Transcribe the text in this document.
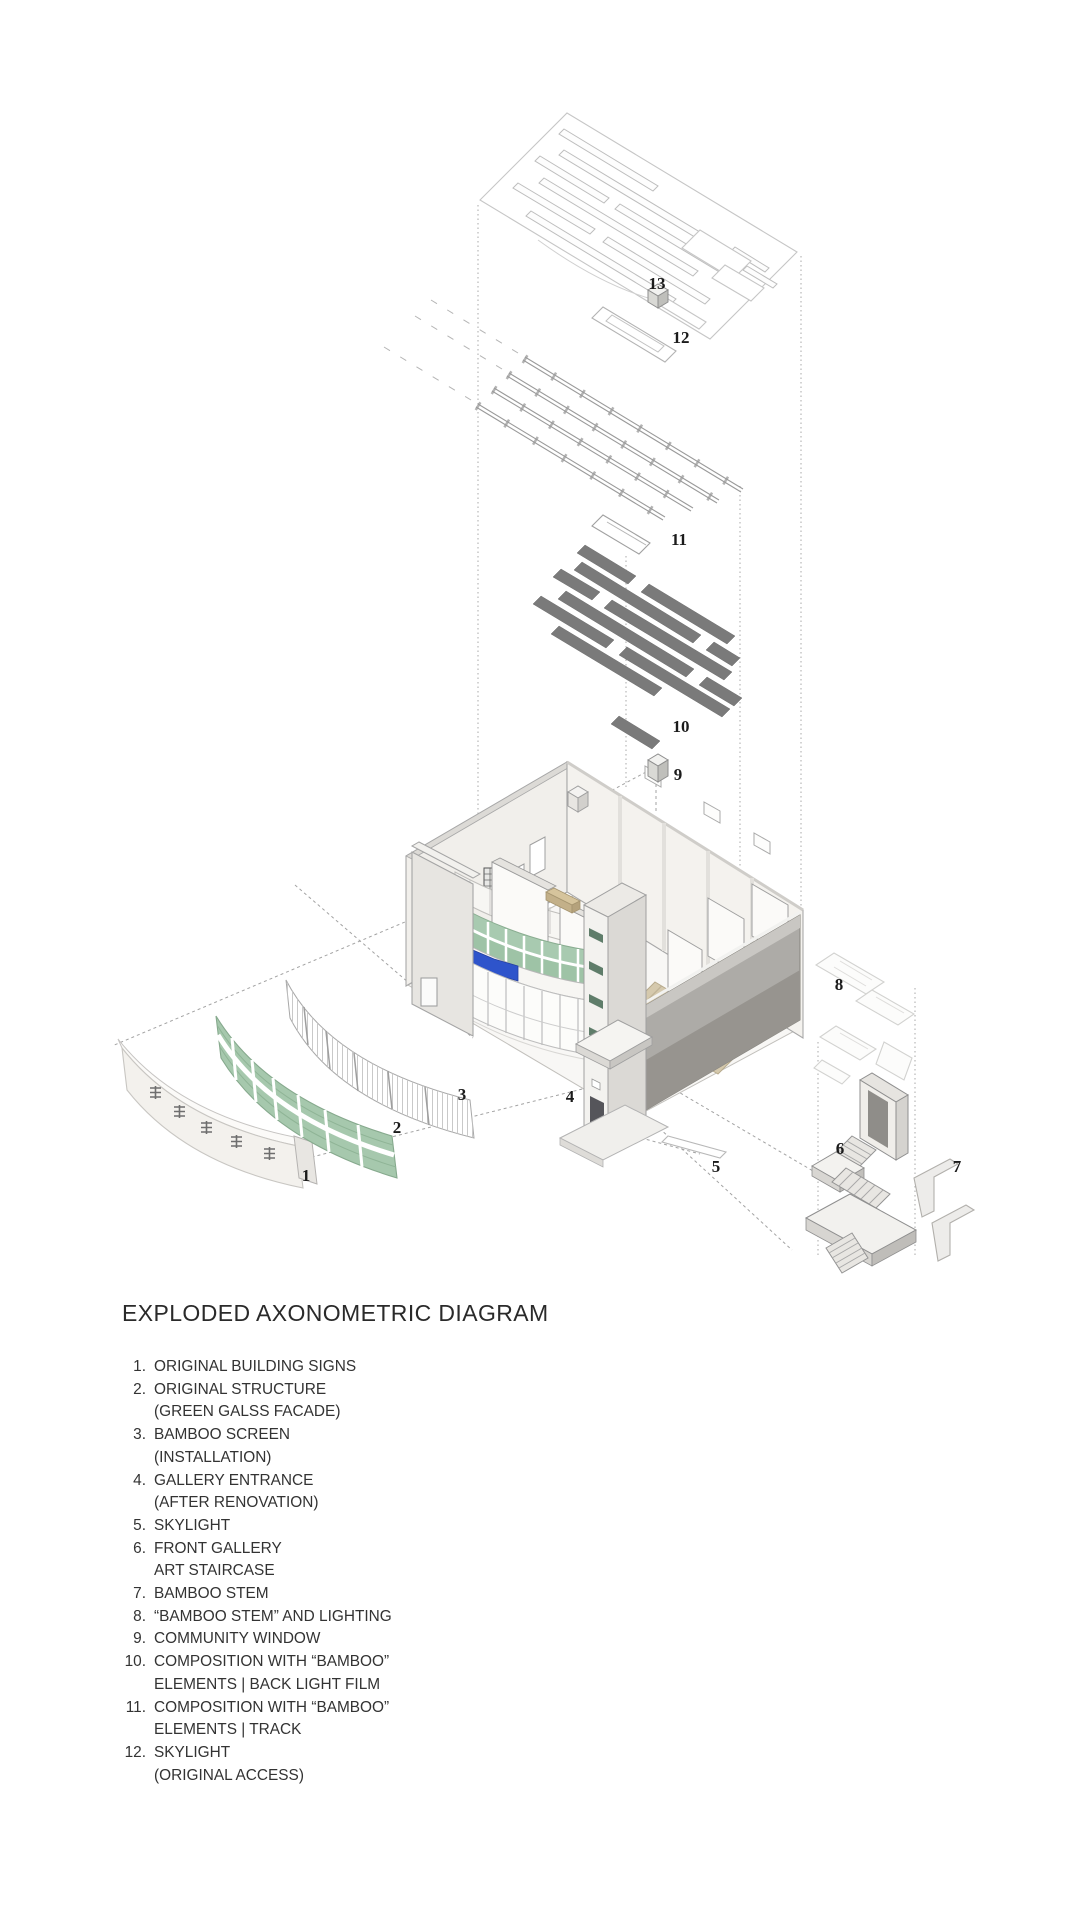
1
2
3	4
5
6
7
8
9
10
11
12
13
EXPLODED AXONOMETRIC DIAGRAM
1. ORIGINAL BUILDING SIGNS
2. ORIGINAL STRUCTURE
(GREEN GALSS FACADE)
3. BAMBOO SCREEN
(INSTALLATION)
4. GALLERY ENTRANCE
(AFTER RENOVATION)
5. SKYLIGHT
6. FRONT GALLERY
ART STAIRCASE
7. BAMBOO STEM
8. “BAMBOO STEM” AND LIGHTING
9. COMMUNITY WINDOW
10. COMPOSITION WITH “BAMBOO”
ELEMENTS | BACK LIGHT FILM
11. COMPOSITION WITH “BAMBOO”
ELEMENTS | TRACK
12. SKYLIGHT
(ORIGINAL ACCESS)
